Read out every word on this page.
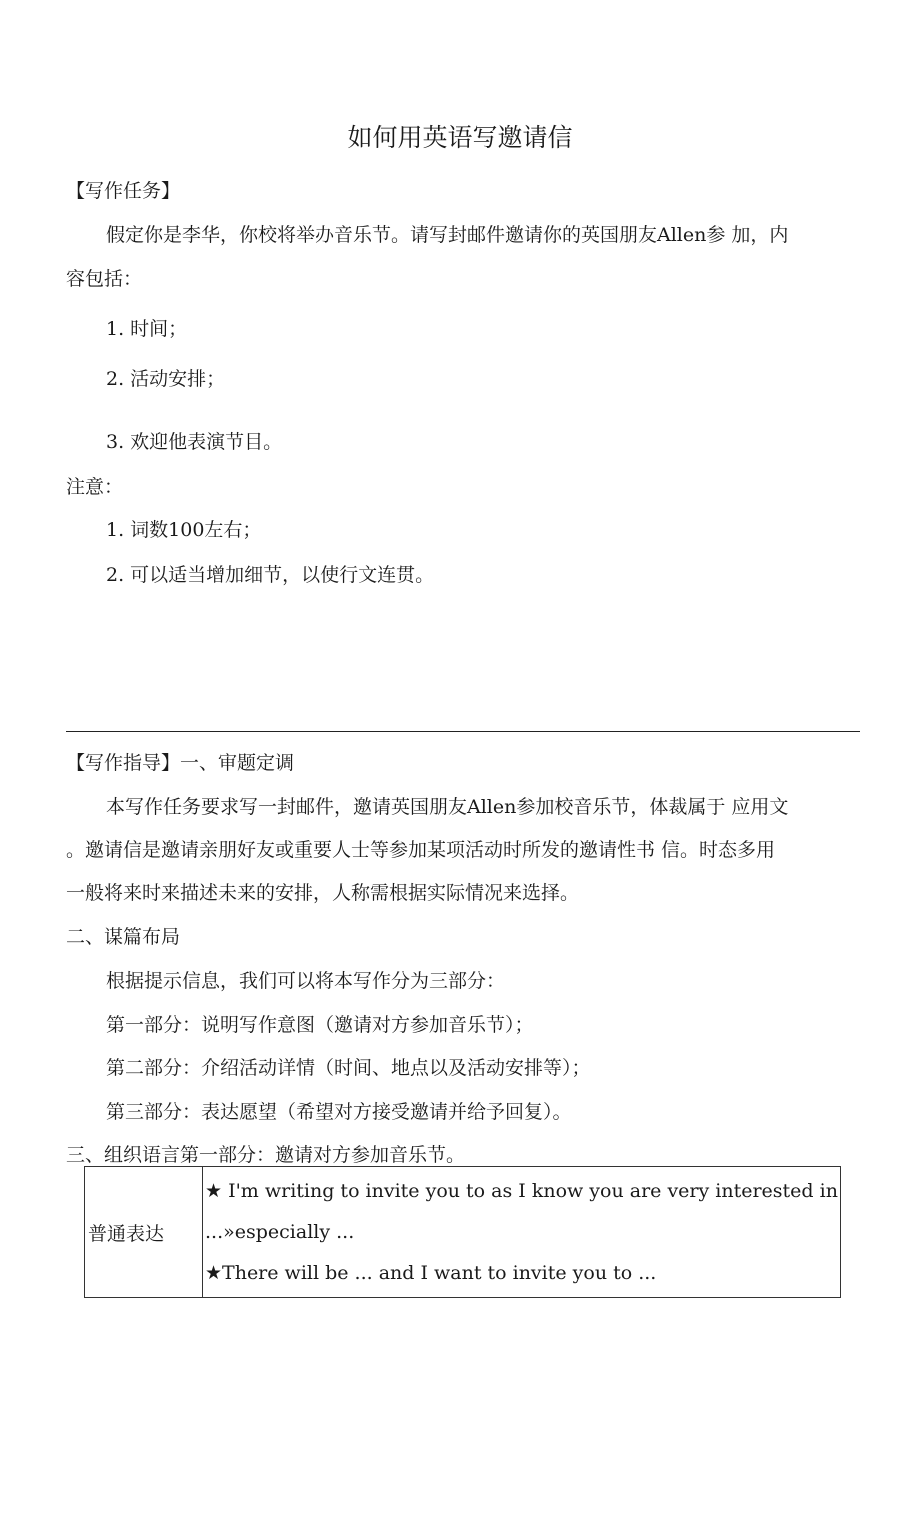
如何用英语写邀请信
【写作任务】
假定你是李华，你校将举办音乐节。请写封邮件邀请你的英国朋友Allen参 加，内
容包括：
1. 时间；
2. 活动安排；
3. 欢迎他表演节目。
注意：
1. 词数100左右；
2. 可以适当增加细节，以使行文连贯。
【写作指导】一、审题定调
本写作任务要求写一封邮件，邀请英国朋友Allen参加校音乐节，体裁属于 应用文
。邀请信是邀请亲朋好友或重要人士等参加某项活动时所发的邀请性书 信。时态多用
一般将来时来描述未来的安排，人称需根据实际情况来选择。
二、谋篇布局
根据提示信息，我们可以将本写作分为三部分：
第一部分：说明写作意图（邀请对方参加音乐节）；
第二部分：介绍活动详情（时间、地点以及活动安排等）；
第三部分：表达愿望（希望对方接受邀请并给予回复）。
三、组织语言第一部分：邀请对方参加音乐节。
普通表达	
★ I'm writing to invite you to as I know you are very interested in
...»especially ...
★There will be ... and I want to invite you to ...
